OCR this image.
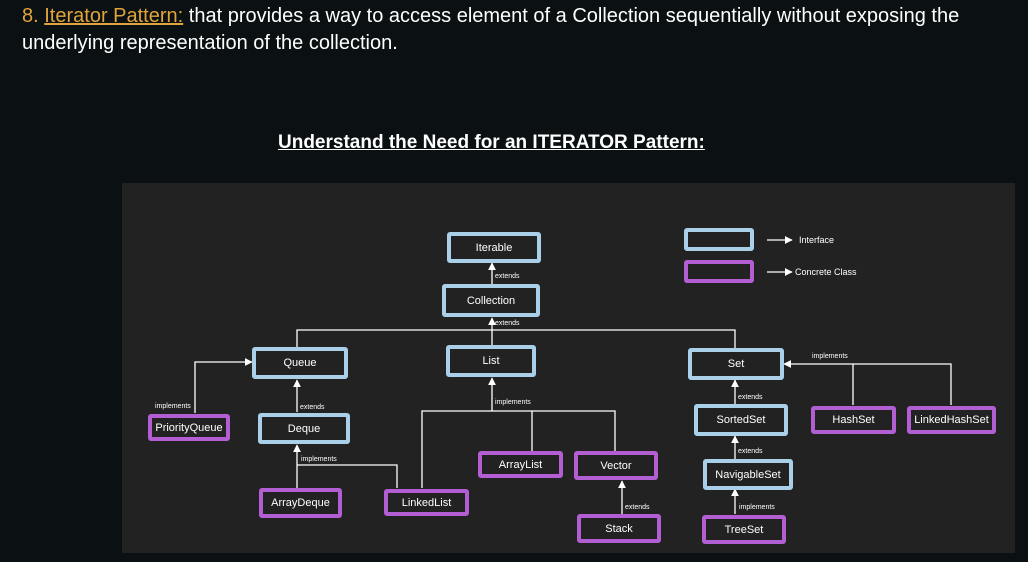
8. Iterator Pattern: that provides a way to access element of a Collection sequentially without exposing the underlying representation of the collection.

Understand the Need for an ITERATOR Pattern:

Interface
Concrete Class
Iterable
Collection
Queue	List	Set
Deque
SortedSet
NavigableSet
PriorityQueue
ArrayDeque	LinkedList
ArrayList	Vector
Stack	TreeSet
HashSet	LinkedHashSet
extends
extends
implements	extends
implements
implements
extends
extends
extends
implements
implements
